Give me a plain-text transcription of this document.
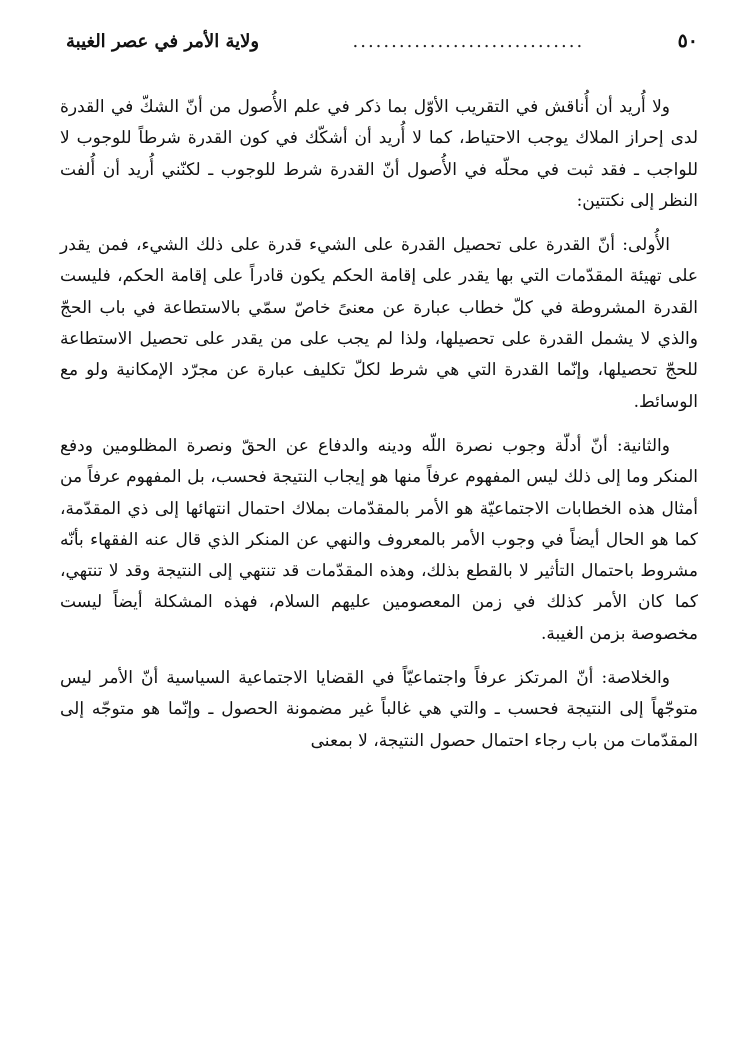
٥٠
..............................
ولاية الأمر في عصر الغيبة

ولا أُريد أن أُناقش في التقريب الأوّل بما ذكر في علم الأُصول من أنّ الشكّ في القدرة لدى إحراز الملاك يوجب الاحتياط، كما لا أُريد أن أشكّك في كون القدرة شرطاً للوجوب لا للواجب ـ فقد ثبت في محلّه في الأُصول أنّ القدرة شرط للوجوب ـ لكنّني أُريد أن أُلفت النظر إلى نكتتين:

الأُولى: أنّ القدرة على تحصيل القدرة على الشيء قدرة على ذلك الشيء، فمن يقدر على تهيئة المقدّمات التي بها يقدر على إقامة الحكم يكون قادراً على إقامة الحكم، فليست القدرة المشروطة في كلّ خطاب عبارة عن معنىً خاصّ سمّي بالاستطاعة في باب الحجّ والذي لا يشمل القدرة على تحصيلها، ولذا لم يجب على من يقدر على تحصيل الاستطاعة للحجّ تحصيلها، وإنّما القدرة التي هي شرط لكلّ تكليف عبارة عن مجرّد الإمكانية ولو مع الوسائط.

والثانية: أنّ أدلّة وجوب نصرة اللّه ودينه والدفاع عن الحقّ ونصرة المظلومين ودفع المنكر وما إلى ذلك ليس المفهوم عرفاً منها هو إيجاب النتيجة فحسب، بل المفهوم عرفاً من أمثال هذه الخطابات الاجتماعيّة هو الأمر بالمقدّمات بملاك احتمال انتهائها إلى ذي المقدّمة، كما هو الحال أيضاً في وجوب الأمر بالمعروف والنهي عن المنكر الذي قال عنه الفقهاء بأنّه مشروط باحتمال التأثير لا بالقطع بذلك، وهذه المقدّمات قد تنتهي إلى النتيجة وقد لا تنتهي، كما كان الأمر كذلك في زمن المعصومين عليهم السلام، فهذه المشكلة أيضاً ليست مخصوصة بزمن الغيبة.

والخلاصة: أنّ المرتكز عرفاً واجتماعيّاً في القضايا الاجتماعية السياسية أنّ الأمر ليس متوجّهاً إلى النتيجة فحسب ـ والتي هي غالباً غير مضمونة الحصول ـ وإنّما هو متوجّه إلى المقدّمات من باب رجاء احتمال حصول النتيجة، لا بمعنى
